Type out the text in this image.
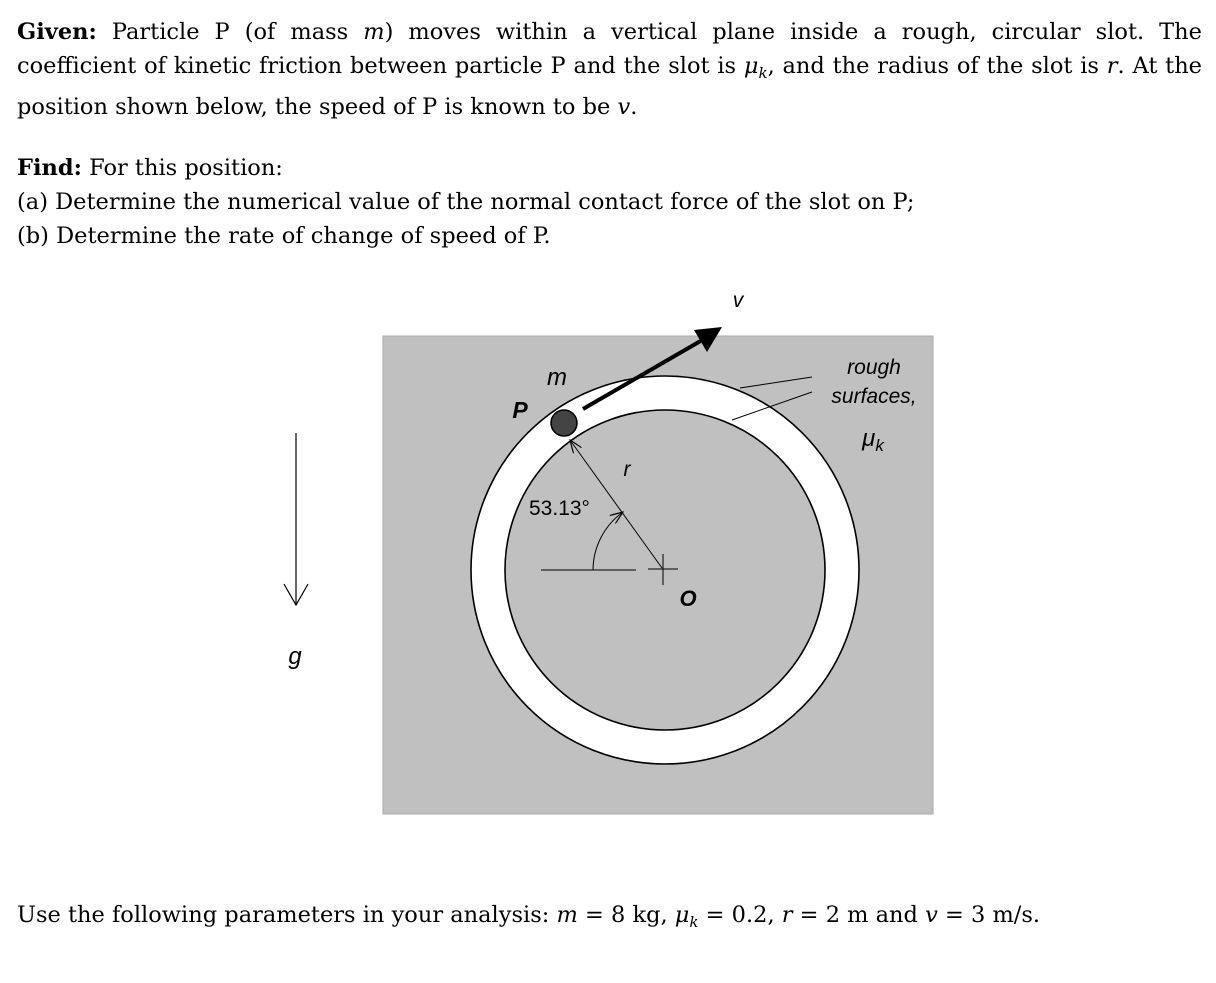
Given: Particle P (of mass m) moves within a vertical plane inside a rough, circular slot. The coefficient of kinetic friction between particle P and the slot is $\mu_k$, and the radius of the slot is r. At the position shown below, the speed of P is known to be v.
Find: For this position:
(a) Determine the numerical value of the normal contact force of the slot on P;
(b) Determine the rate of change of speed of P.
v
m
P
r
53.13°
O
g
rough
surfaces,
$\mu_k$
Use the following parameters in your analysis: m = 8 kg, $\mu_k = 0.2$, r = 2 m and v = 3 m/s.
